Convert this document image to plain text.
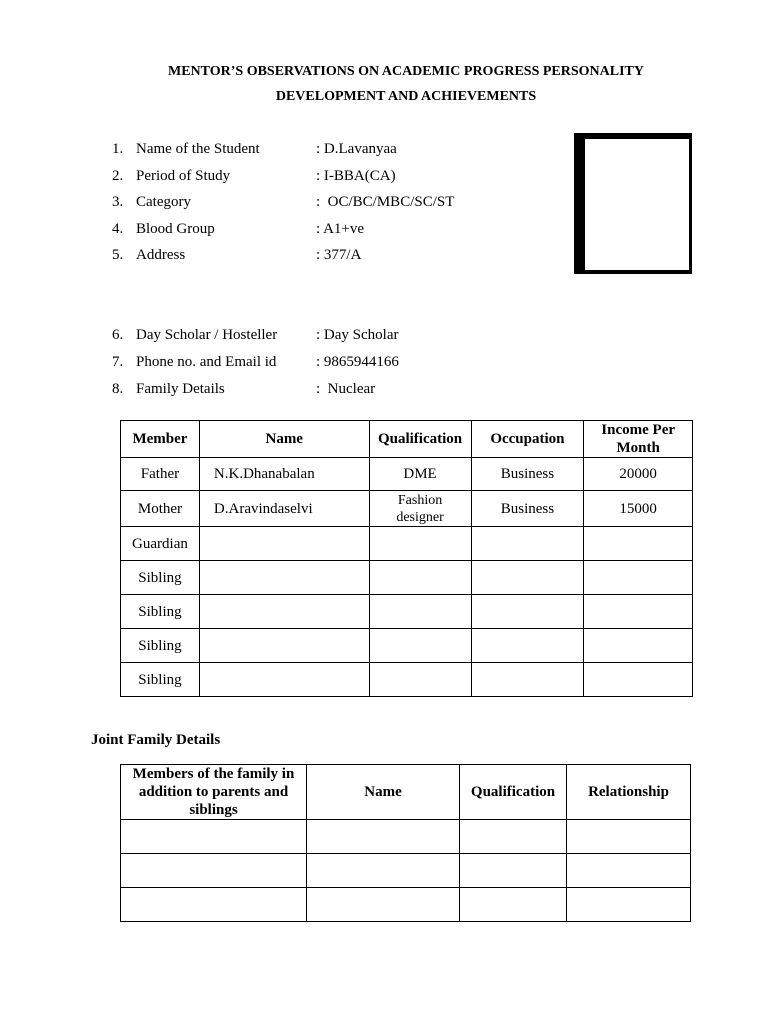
MENTOR’S OBSERVATIONS ON ACADEMIC PROGRESS PERSONALITY
DEVELOPMENT AND ACHIEVEMENTS
1. Name of the Student	: D.Lavanyaa
2. Period of Study	: I-BBA(CA)
3. Category	:  OC/BC/MBC/SC/ST
4. Blood Group	: A1+ve
5. Address	: 377/A
6. Day Scholar / Hosteller	: Day Scholar
7. Phone no. and Email id	: 9865944166
8. Family Details	:  Nuclear
Member	Name	Qualification	Occupation	Income Per Month
Father	N.K.Dhanabalan	DME	Business	20000
Mother	D.Aravindaselvi	Fashion designer	Business	15000
Guardian				
Sibling				
Sibling				
Sibling				
Sibling				
Joint Family Details
Members of the family in addition to parents and siblings	Name	Qualification	Relationship
